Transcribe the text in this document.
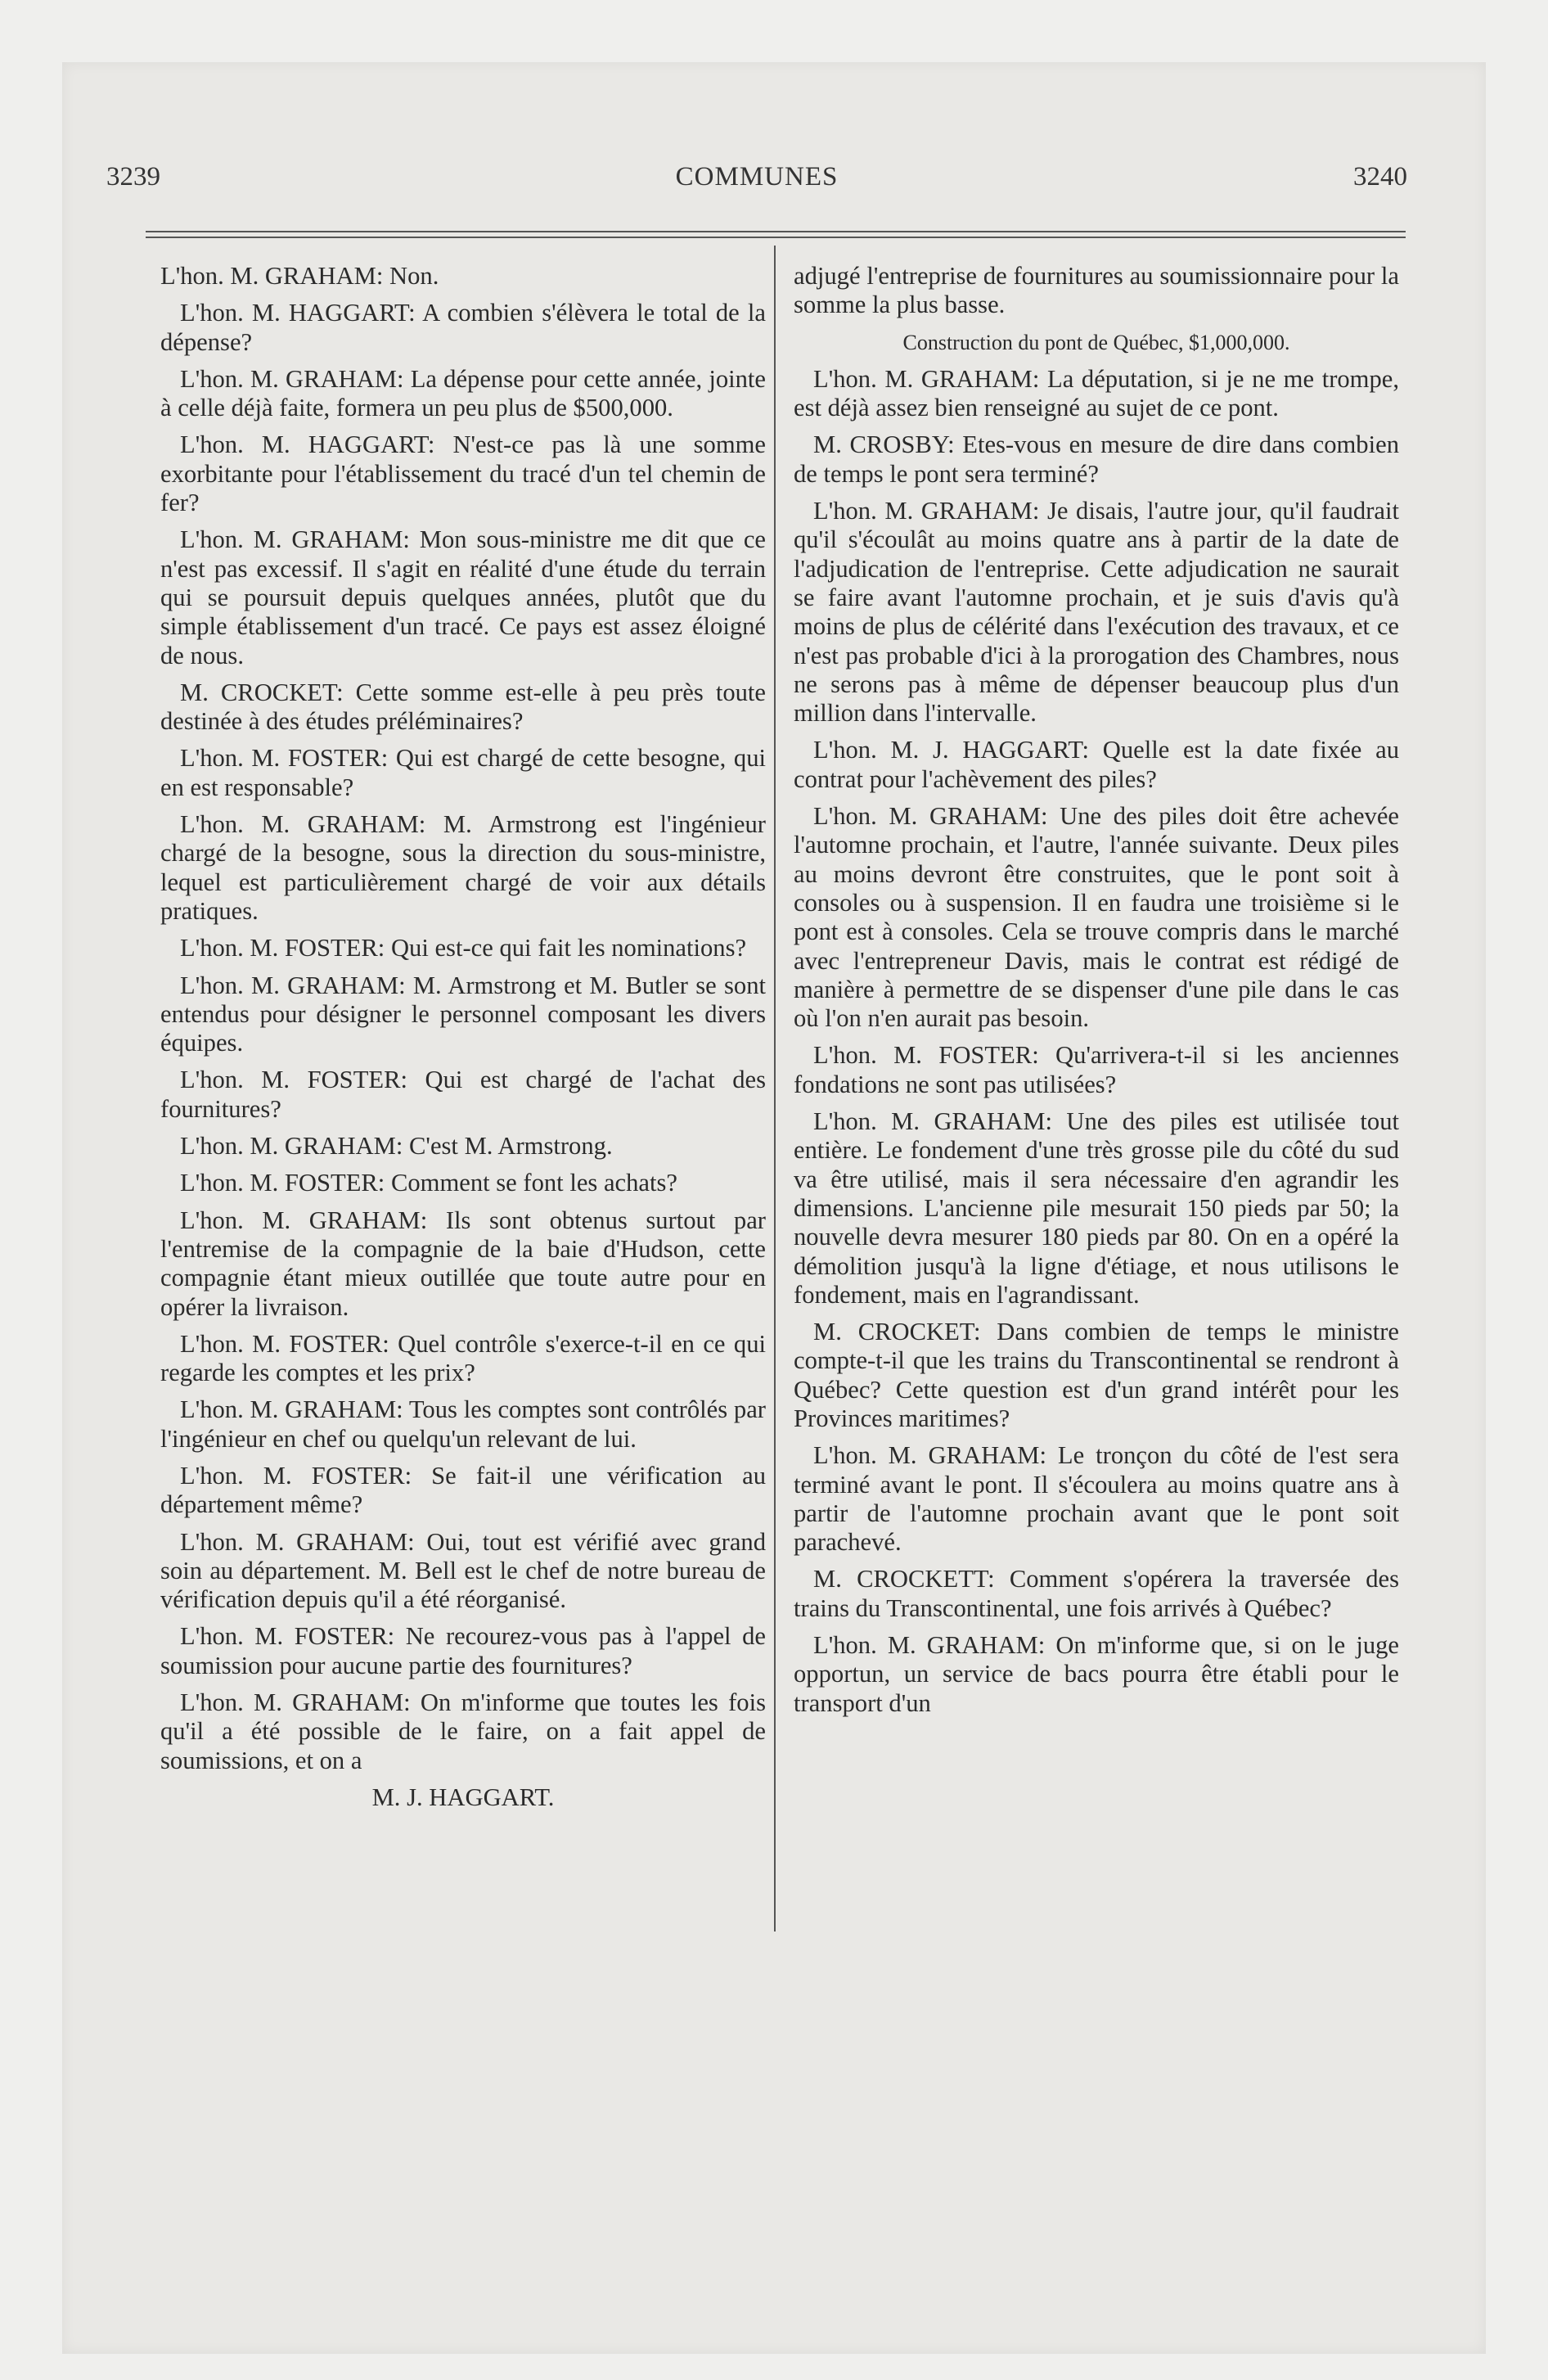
3239	COMMUNES	3240

L'hon. M. GRAHAM: Non.

L'hon. M. HAGGART: A combien s'élèvera le total de la dépense?

L'hon. M. GRAHAM: La dépense pour cette année, jointe à celle déjà faite, formera un peu plus de $500,000.

L'hon. M. HAGGART: N'est-ce pas là une somme exorbitante pour l'établissement du tracé d'un tel chemin de fer?

L'hon. M. GRAHAM: Mon sous-ministre me dit que ce n'est pas excessif. Il s'agit en réalité d'une étude du terrain qui se poursuit depuis quelques années, plutôt que du simple établissement d'un tracé. Ce pays est assez éloigné de nous.

M. CROCKET: Cette somme est-elle à peu près toute destinée à des études préléminaires?

L'hon. M. FOSTER: Qui est chargé de cette besogne, qui en est responsable?

L'hon. M. GRAHAM: M. Armstrong est l'ingénieur chargé de la besogne, sous la direction du sous-ministre, lequel est particulièrement chargé de voir aux détails pratiques.

L'hon. M. FOSTER: Qui est-ce qui fait les nominations?

L'hon. M. GRAHAM: M. Armstrong et M. Butler se sont entendus pour désigner le personnel composant les divers équipes.

L'hon. M. FOSTER: Qui est chargé de l'achat des fournitures?

L'hon. M. GRAHAM: C'est M. Armstrong.

L'hon. M. FOSTER: Comment se font les achats?

L'hon. M. GRAHAM: Ils sont obtenus surtout par l'entremise de la compagnie de la baie d'Hudson, cette compagnie étant mieux outillée que toute autre pour en opérer la livraison.

L'hon. M. FOSTER: Quel contrôle s'exerce-t-il en ce qui regarde les comptes et les prix?

L'hon. M. GRAHAM: Tous les comptes sont contrôlés par l'ingénieur en chef ou quelqu'un relevant de lui.

L'hon. M. FOSTER: Se fait-il une vérification au département même?

L'hon. M. GRAHAM: Oui, tout est vérifié avec grand soin au département. M. Bell est le chef de notre bureau de vérification depuis qu'il a été réorganisé.

L'hon. M. FOSTER: Ne recourez-vous pas à l'appel de soumission pour aucune partie des fournitures?

L'hon. M. GRAHAM: On m'informe que toutes les fois qu'il a été possible de le faire, on a fait appel de soumissions, et on a

M. J. HAGGART.

adjugé l'entreprise de fournitures au soumissionnaire pour la somme la plus basse.

Construction du pont de Québec, $1,000,000.

L'hon. M. GRAHAM: La députation, si je ne me trompe, est déjà assez bien renseigné au sujet de ce pont.

M. CROSBY: Etes-vous en mesure de dire dans combien de temps le pont sera terminé?

L'hon. M. GRAHAM: Je disais, l'autre jour, qu'il faudrait qu'il s'écoulât au moins quatre ans à partir de la date de l'adjudication de l'entreprise. Cette adjudication ne saurait se faire avant l'automne prochain, et je suis d'avis qu'à moins de plus de célérité dans l'exécution des travaux, et ce n'est pas probable d'ici à la prorogation des Chambres, nous ne serons pas à même de dépenser beaucoup plus d'un million dans l'intervalle.

L'hon. M. J. HAGGART: Quelle est la date fixée au contrat pour l'achèvement des piles?

L'hon. M. GRAHAM: Une des piles doit être achevée l'automne prochain, et l'autre, l'année suivante. Deux piles au moins devront être construites, que le pont soit à consoles ou à suspension. Il en faudra une troisième si le pont est à consoles. Cela se trouve compris dans le marché avec l'entrepreneur Davis, mais le contrat est rédigé de manière à permettre de se dispenser d'une pile dans le cas où l'on n'en aurait pas besoin.

L'hon. M. FOSTER: Qu'arrivera-t-il si les anciennes fondations ne sont pas utilisées?

L'hon. M. GRAHAM: Une des piles est utilisée tout entière. Le fondement d'une très grosse pile du côté du sud va être utilisé, mais il sera nécessaire d'en agrandir les dimensions. L'ancienne pile mesurait 150 pieds par 50; la nouvelle devra mesurer 180 pieds par 80. On en a opéré la démolition jusqu'à la ligne d'étiage, et nous utilisons le fondement, mais en l'agrandissant.

M. CROCKET: Dans combien de temps le ministre compte-t-il que les trains du Transcontinental se rendront à Québec? Cette question est d'un grand intérêt pour les Provinces maritimes?

L'hon. M. GRAHAM: Le tronçon du côté de l'est sera terminé avant le pont. Il s'écoulera au moins quatre ans à partir de l'automne prochain avant que le pont soit parachevé.

M. CROCKETT: Comment s'opérera la traversée des trains du Transcontinental, une fois arrivés à Québec?

L'hon. M. GRAHAM: On m'informe que, si on le juge opportun, un service de bacs pourra être établi pour le transport d'un
